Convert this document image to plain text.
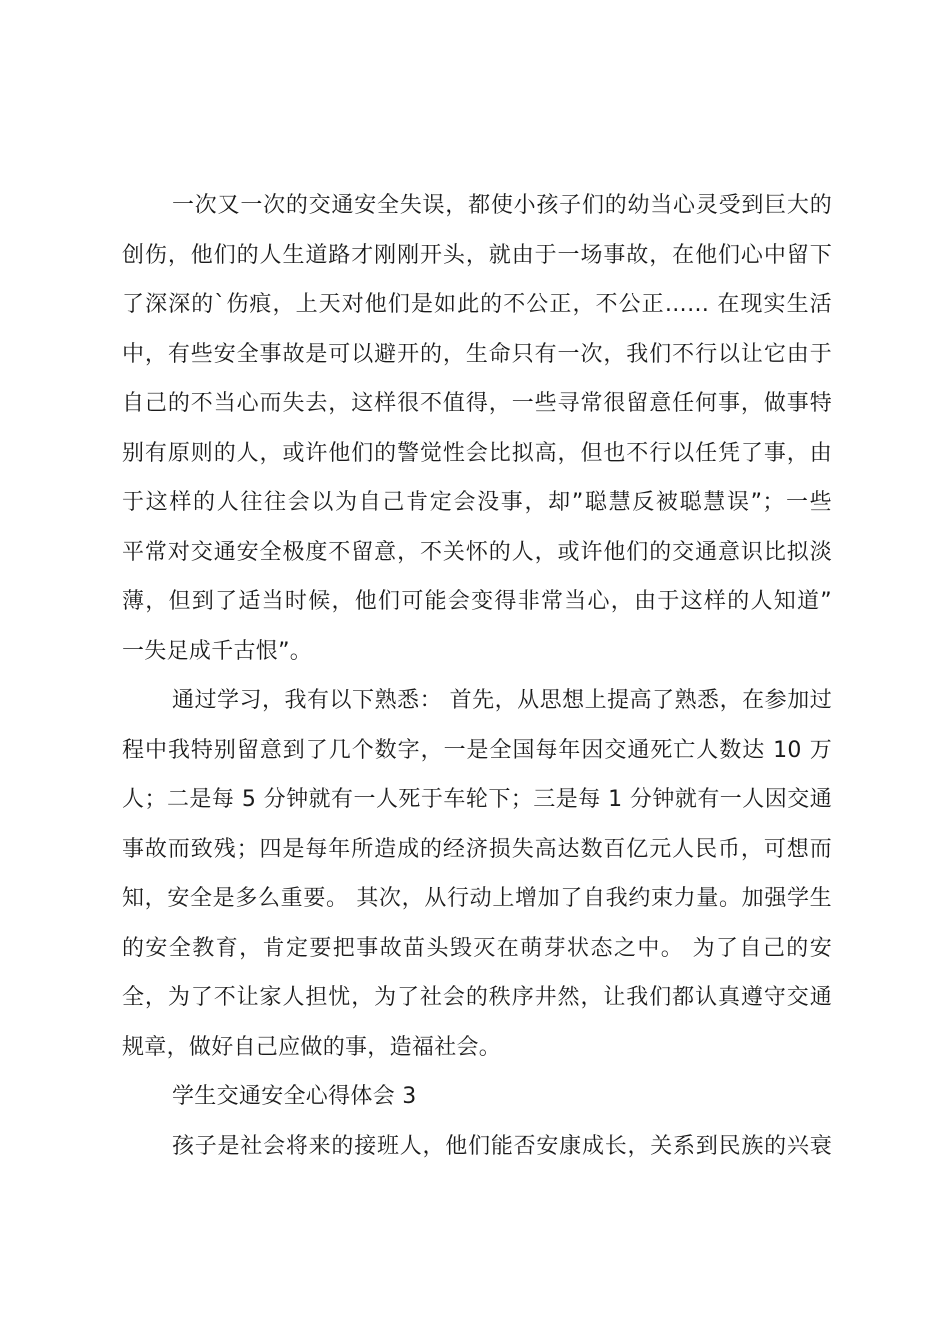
一次又一次的交通安全失误，都使小孩子们的幼当心灵受到巨大的
创伤，他们的人生道路才刚刚开头，就由于一场事故，在他们心中留下
了深深的`伤痕，上天对他们是如此的不公正，不公正…… 在现实生活
中，有些安全事故是可以避开的，生命只有一次，我们不行以让它由于
自己的不当心而失去，这样很不值得，一些寻常很留意任何事，做事特
别有原则的人，或许他们的警觉性会比拟高，但也不行以任凭了事，由
于这样的人往往会以为自己肯定会没事，却”聪慧反被聪慧误”；一些
平常对交通安全极度不留意，不关怀的人，或许他们的交通意识比拟淡
薄，但到了适当时候，他们可能会变得非常当心，由于这样的人知道”
一失足成千古恨”。
通过学习，我有以下熟悉： 首先，从思想上提高了熟悉，在参加过
程中我特别留意到了几个数字，一是全国每年因交通死亡人数达 10 万
人；二是每 5 分钟就有一人死于车轮下；三是每 1 分钟就有一人因交通
事故而致残；四是每年所造成的经济损失高达数百亿元人民币，可想而
知，安全是多么重要。 其次，从行动上增加了自我约束力量。加强学生
的安全教育，肯定要把事故苗头毁灭在萌芽状态之中。 为了自己的安
全，为了不让家人担忧，为了社会的秩序井然，让我们都认真遵守交通
规章，做好自己应做的事，造福社会。
学生交通安全心得体会 3
孩子是社会将来的接班人，他们能否安康成长，关系到民族的兴衰
